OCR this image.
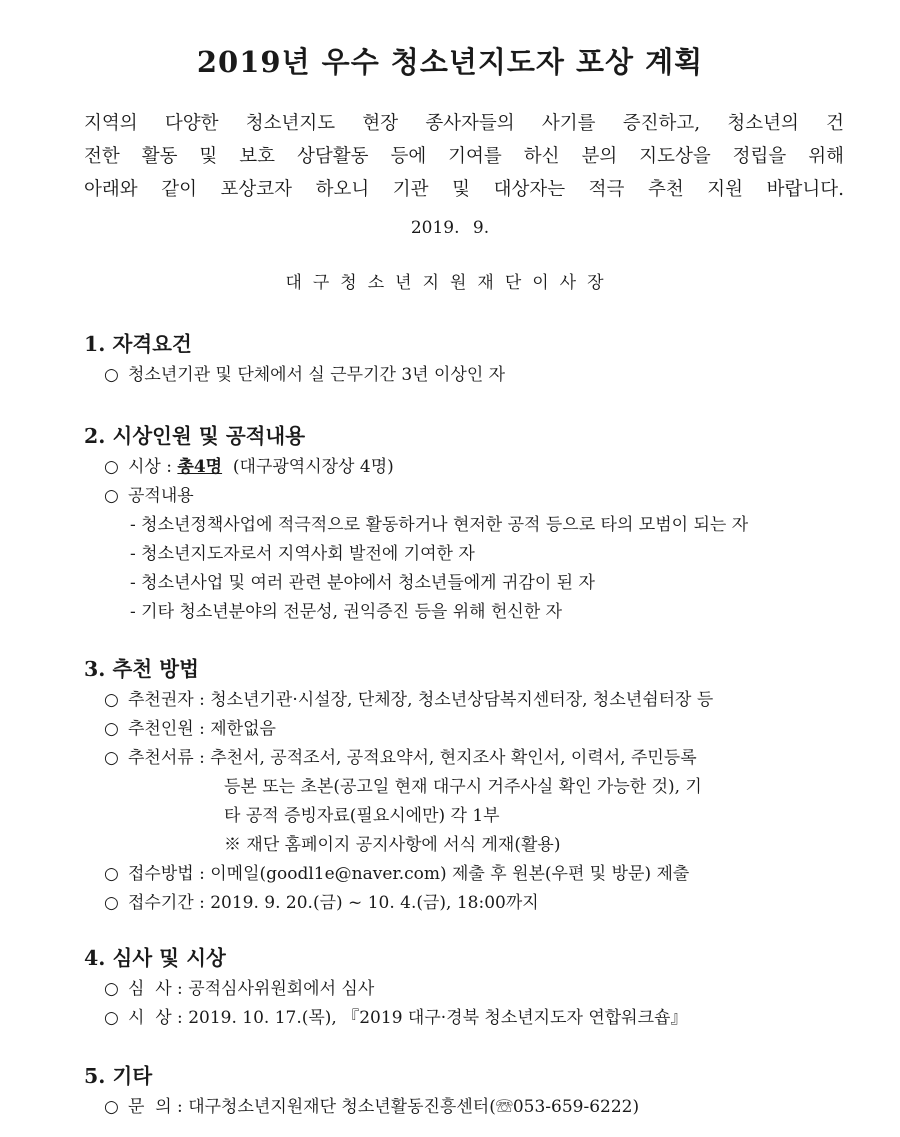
2019년 우수 청소년지도자 포상 계획
지역의 다양한 청소년지도 현장 종사자들의 사기를 증진하고, 청소년의 건
전한 활동 및 보호 상담활동 등에 기여를 하신 분의 지도상을 정립을 위해
아래와 같이 포상코자 하오니 기관 및 대상자는 적극 추천 지원 바랍니다.
2019. 9.
대구청소년지원재단이사장
1. 자격요건
○ 청소년기관 및 단체에서 실 근무기간 3년 이상인 자
2. 시상인원 및 공적내용
○ 시상 : 총4명 (대구광역시장상 4명)
○ 공적내용
- 청소년정책사업에 적극적으로 활동하거나 현저한 공적 등으로 타의 모범이 되는 자
- 청소년지도자로서 지역사회 발전에 기여한 자
- 청소년사업 및 여러 관련 분야에서 청소년들에게 귀감이 된 자
- 기타 청소년분야의 전문성, 권익증진 등을 위해 헌신한 자
3. 추천 방법
○ 추천권자 : 청소년기관·시설장, 단체장, 청소년상담복지센터장, 청소년쉼터장 등
○ 추천인원 : 제한없음
○ 추천서류 : 추천서, 공적조서, 공적요약서, 현지조사 확인서, 이력서, 주민등록
등본 또는 초본(공고일 현재 대구시 거주사실 확인 가능한 것), 기
타 공적 증빙자료(필요시에만) 각 1부
※ 재단 홈페이지 공지사항에 서식 게재(활용)
○ 접수방법 : 이메일(goodl1e@naver.com) 제출 후 원본(우편 및 방문) 제출
○ 접수기간 : 2019. 9. 20.(금) ~ 10. 4.(금), 18:00까지
4. 심사 및 시상
○ 심  사 : 공적심사위원회에서 심사
○ 시  상 : 2019. 10. 17.(목), 『2019 대구·경북 청소년지도자 연합워크숍』
5. 기타
○ 문  의 : 대구청소년지원재단 청소년활동진흥센터(☏053-659-6222)
